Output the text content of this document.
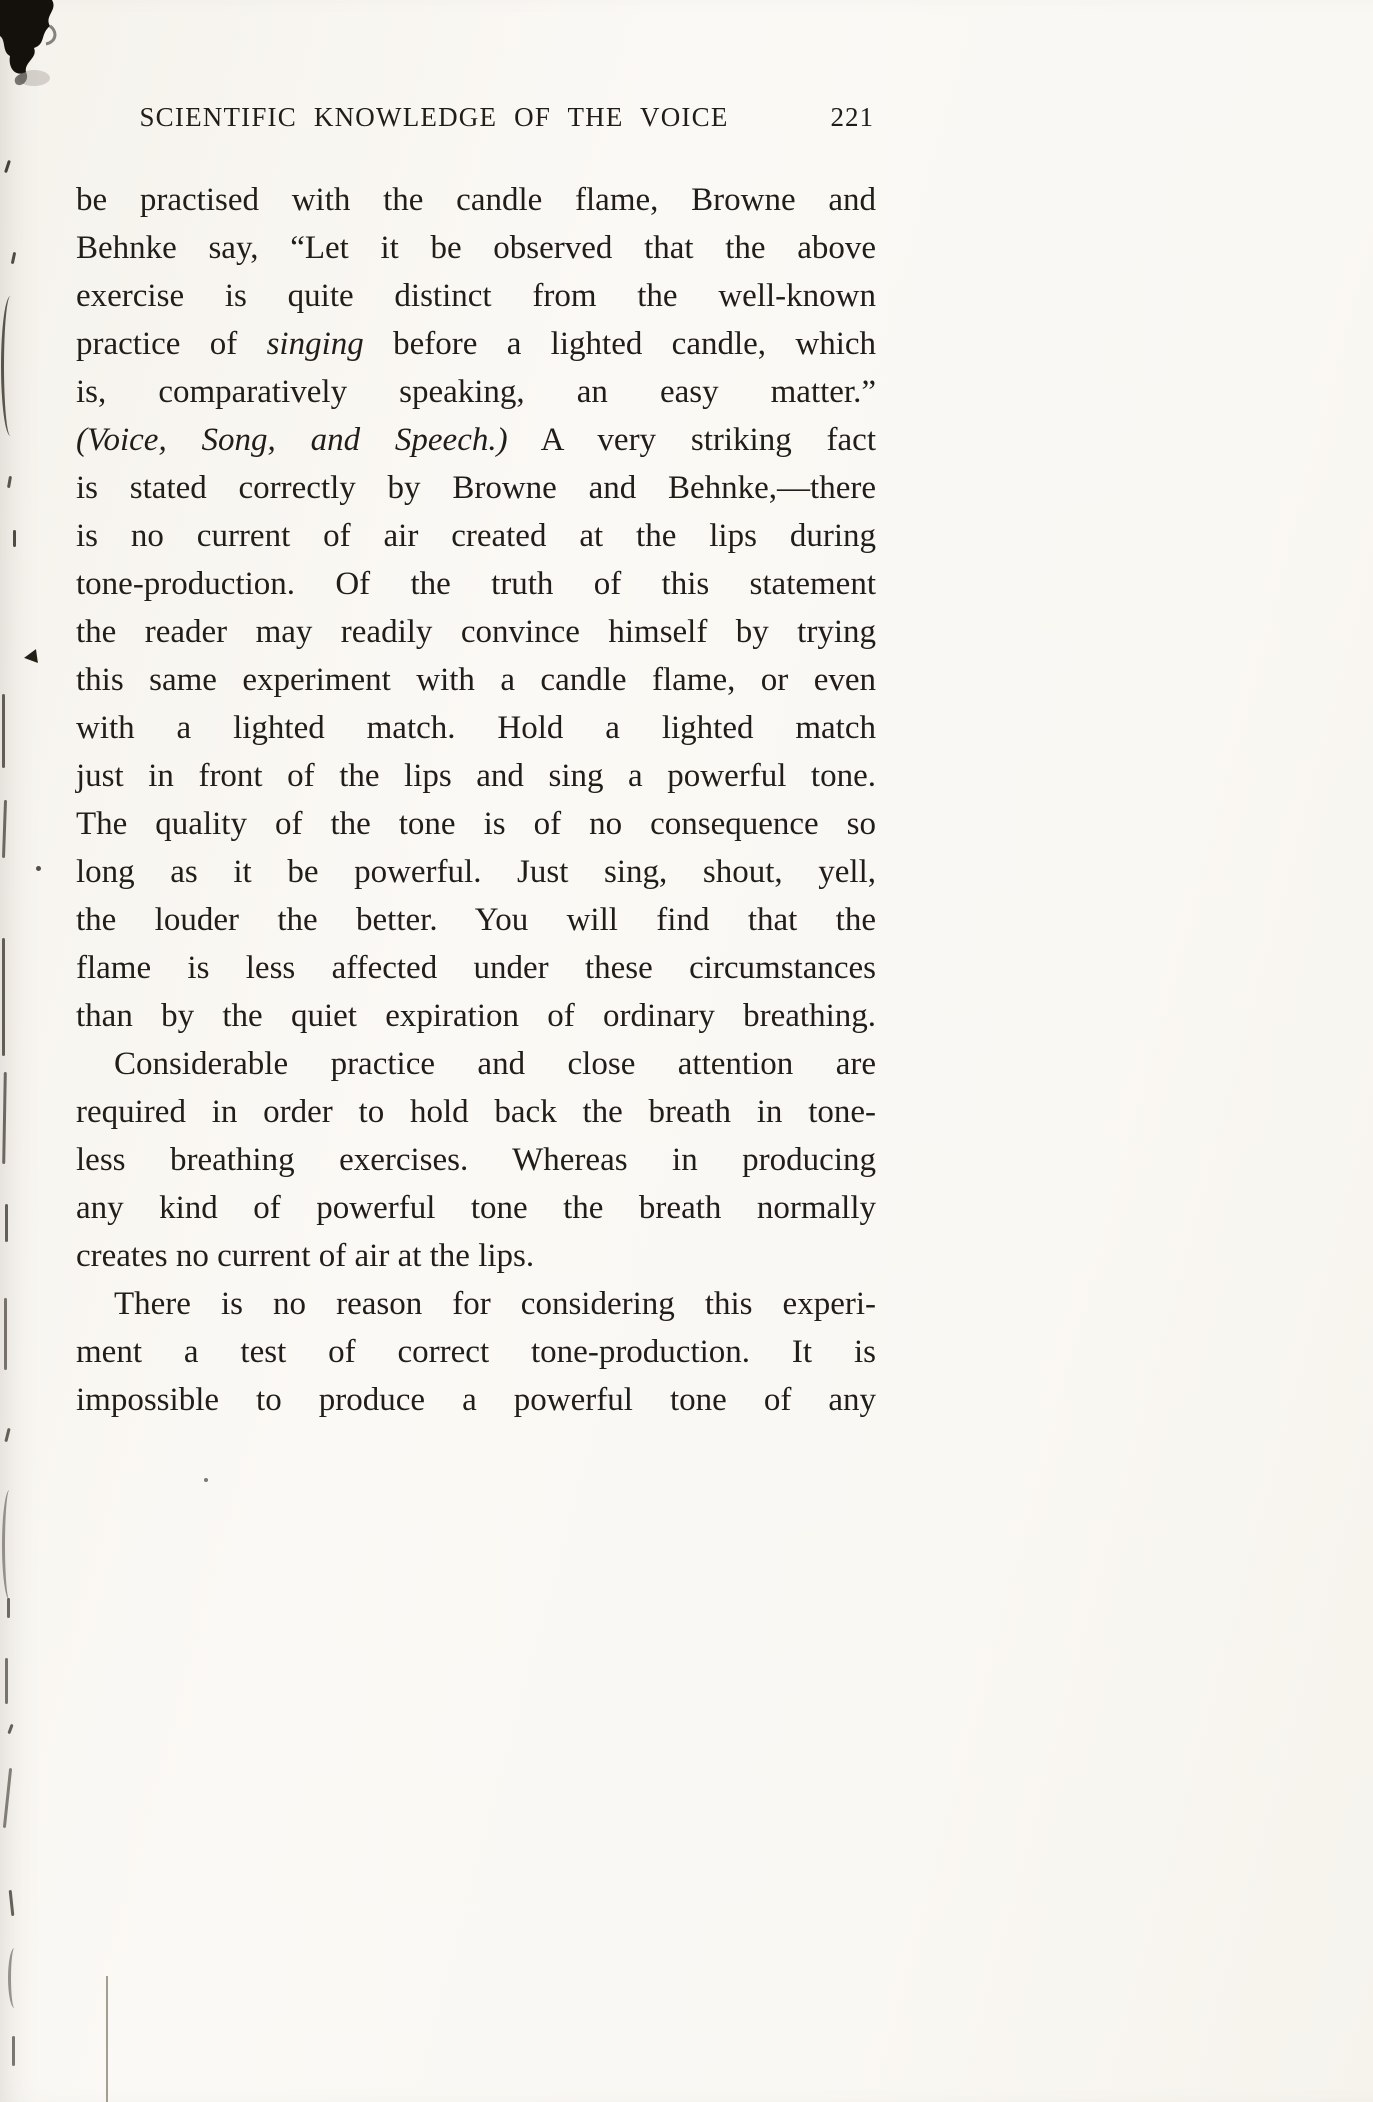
SCIENTIFIC KNOWLEDGE OF THE VOICE	221
be practised with the candle flame, Browne and
Behnke say, “Let it be observed that the above
exercise is quite distinct from the well-known
practice of singing before a lighted candle, which
is, comparatively speaking, an easy matter.”
(Voice, Song, and Speech.) A very striking fact
is stated correctly by Browne and Behnke,—there
is no current of air created at the lips during
tone-production. Of the truth of this statement
the reader may readily convince himself by trying
this same experiment with a candle flame, or even
with a lighted match. Hold a lighted match
just in front of the lips and sing a powerful tone.
The quality of the tone is of no consequence so
long as it be powerful. Just sing, shout, yell,
the louder the better. You will find that the
flame is less affected under these circumstances
than by the quiet expiration of ordinary breathing.
Considerable practice and close attention are
required in order to hold back the breath in tone-
less breathing exercises. Whereas in producing
any kind of powerful tone the breath normally
creates no current of air at the lips.
There is no reason for considering this experi-
ment a test of correct tone-production. It is
impossible to produce a powerful tone of any
